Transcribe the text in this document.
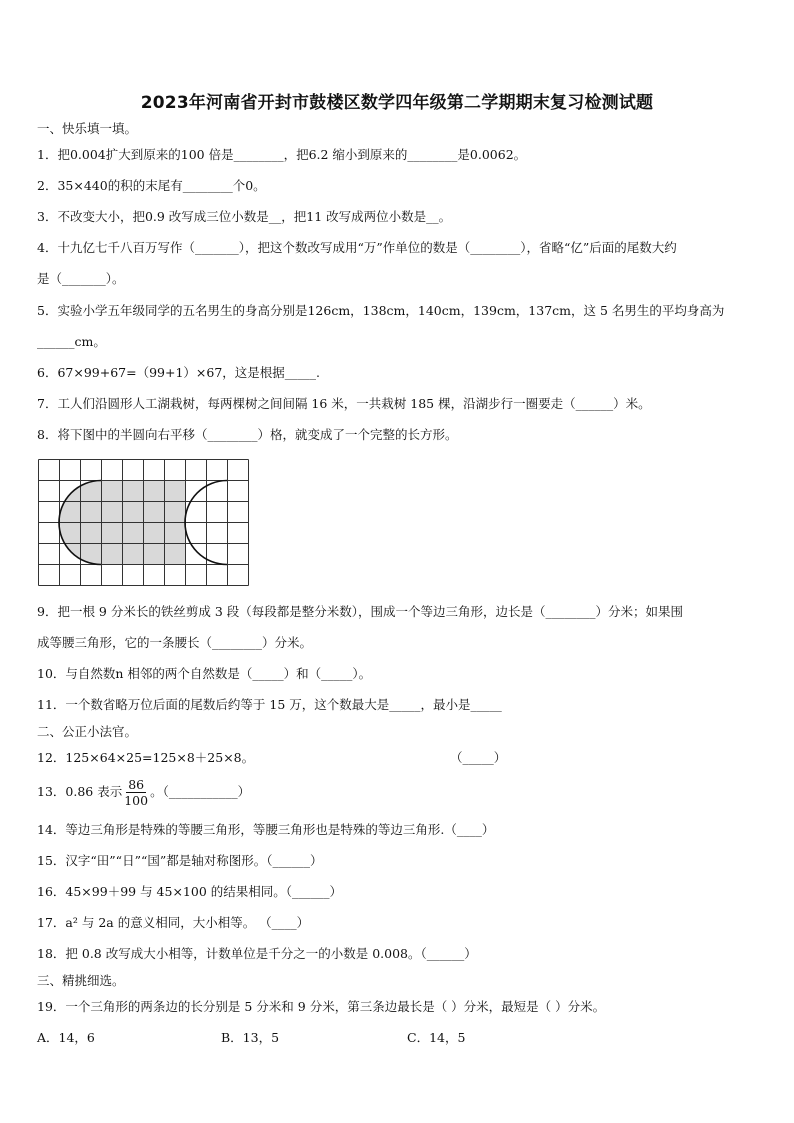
2023年河南省开封市鼓楼区数学四年级第二学期期末复习检测试题
一、快乐填一填。
1．把0.004扩大到原来的100 倍是________，把6.2 缩小到原来的________是0.0062。
2．35×440的积的末尾有________个0。
3．不改变大小，把0.9 改写成三位小数是__，把11 改写成两位小数是__。
4．十九亿七千八百万写作（_______），把这个数改写成用“万”作单位的数是（________），省略“亿”后面的尾数大约
是（_______）。
5．实验小学五年级同学的五名男生的身高分别是126cm，138cm，140cm，139cm，137cm，这 5 名男生的平均身高为
______cm。
6．67×99+67=（99+1）×67，这是根据_____.
7．工人们沿圆形人工湖栽树，每两棵树之间间隔 16 米，一共栽树 185 棵，沿湖步行一圈要走（______）米。
8．将下图中的半圆向右平移（________）格，就变成了一个完整的长方形。
9．把一根 9 分米长的铁丝剪成 3 段（每段都是整分米数），围成一个等边三角形，边长是（________）分米；如果围
成等腰三角形，它的一条腰长（________）分米。
10．与自然数n 相邻的两个自然数是（_____）和（_____）。
11．一个数省略万位后面的尾数后约等于 15 万，这个数最大是_____，最小是_____
二、公正小法官。
12．125×64×25=125×8＋25×8。	（_____）
13．0.86 表示 $\frac{86}{100}$ 。（___________）
14．等边三角形是特殊的等腰三角形，等腰三角形也是特殊的等边三角形.（____）
15．汉字“田”“日”“国”都是轴对称图形。（______）
16．45×99＋99 与 45×100 的结果相同。（______）
17．a² 与 2a 的意义相同，大小相等。 （____）
18．把 0.8 改写成大小相等，计数单位是千分之一的小数是 0.008。（______）
三、精挑细选。
19．一个三角形的两条边的长分别是 5 分米和 9 分米，第三条边最长是（ ）分米，最短是（ ）分米。
A．14，6	B．13，5	C．14，5
